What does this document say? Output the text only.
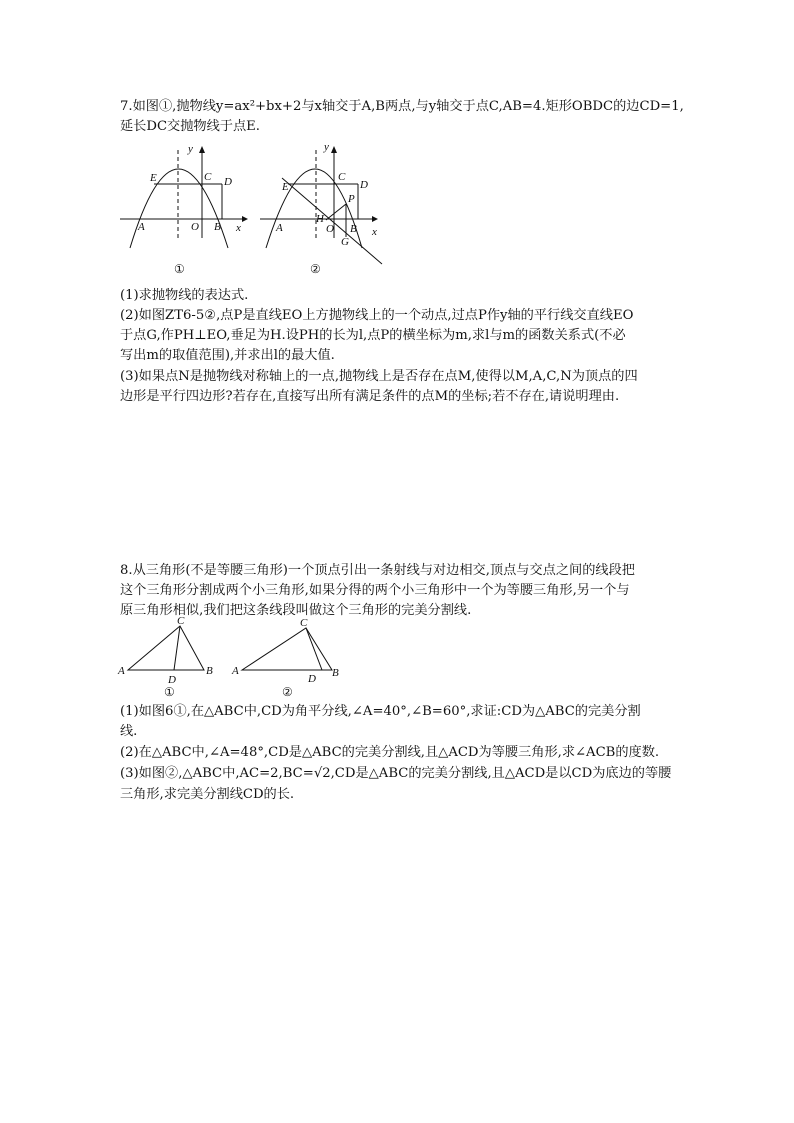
7.如图①,抛物线y=ax²+bx+2与x轴交于A,B两点,与y轴交于点C,AB=4.矩形OBDC的边CD=1,
延长DC交抛物线于点E.
y
E	C D
A	O B x
①
y
E
C
D
P
H
A	O B
G
x
②
(1)求抛物线的表达式.
(2)如图ZT6-5②,点P是直线EO上方抛物线上的一个动点,过点P作y轴的平行线交直线EO
于点G,作PH⊥EO,垂足为H.设PH的长为l,点P的横坐标为m,求l与m的函数关系式(不必
写出m的取值范围),并求出l的最大值.
(3)如果点N是抛物线对称轴上的一点,抛物线上是否存在点M,使得以M,A,C,N为顶点的四
边形是平行四边形?若存在,直接写出所有满足条件的点M的坐标;若不存在,请说明理由.
8.从三角形(不是等腰三角形)一个顶点引出一条射线与对边相交,顶点与交点之间的线段把
这个三角形分割成两个小三角形,如果分得的两个小三角形中一个为等腰三角形,另一个与
原三角形相似,我们把这条线段叫做这个三角形的完美分割线.
C
A
D
B
①
C
A
D B
②
(1)如图6①,在△ABC中,CD为角平分线,∠A=40°,∠B=60°,求证:CD为△ABC的完美分割
线.
(2)在△ABC中,∠A=48°,CD是△ABC的完美分割线,且△ACD为等腰三角形,求∠ACB的度数.
(3)如图②,△ABC中,AC=2,BC=√2,CD是△ABC的完美分割线,且△ACD是以CD为底边的等腰
三角形,求完美分割线CD的长.
